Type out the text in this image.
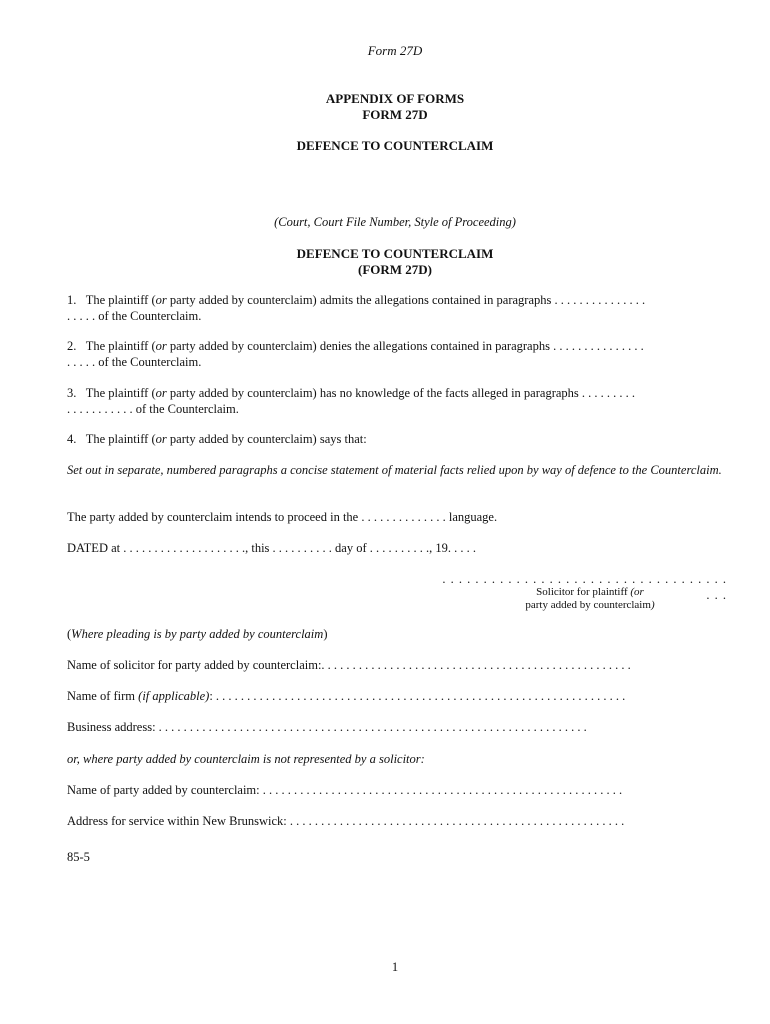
Form 27D
APPENDIX OF FORMS
FORM 27D
DEFENCE TO COUNTERCLAIM
(Court, Court File Number, Style of Proceeding)
DEFENCE TO COUNTERCLAIM
(FORM 27D)

1. The plaintiff (or party added by counterclaim) admits the allegations contained in paragraphs . . . . . . . . . . . . . . .

. . . . . of the Counterclaim.

2. The plaintiff (or party added by counterclaim) denies the allegations contained in paragraphs . . . . . . . . . . . . . . .

. . . . . of the Counterclaim.

3. The plaintiff (or party added by counterclaim) has no knowledge of the facts alleged in paragraphs . . . . . . . . .

. . . . . . . . . . . of the Counterclaim.

4. The plaintiff (or party added by counterclaim) says that:

Set out in separate, numbered paragraphs a concise statement of material facts relied upon by way of defence to the Counterclaim.
The party added by counterclaim intends to proceed in the . . . . . . . . . . . . . . language.
DATED at . . . . . . . . . . . . . . . . . . . ., this . . . . . . . . . . day of . . . . . . . . . ., 19. . . . .
. . . . . . . . . . . . . . . . . . . . . . . . . . . . . . . . . . . . . .
Solicitor for plaintiff (or
party added by counterclaim)
(Where pleading is by party added by counterclaim)
Name of solicitor for party added by counterclaim:. . . . . . . . . . . . . . . . . . . . . . . . . . . . . . . . . . . . . . . . . . . . . . . . . .
Name of firm (if applicable): . . . . . . . . . . . . . . . . . . . . . . . . . . . . . . . . . . . . . . . . . . . . . . . . . . . . . . . . . . . . . . . . . .
Business address: . . . . . . . . . . . . . . . . . . . . . . . . . . . . . . . . . . . . . . . . . . . . . . . . . . . . . . . . . . . . . . . . . . . . .
or, where party added by counterclaim is not represented by a solicitor:
Name of party added by counterclaim: . . . . . . . . . . . . . . . . . . . . . . . . . . . . . . . . . . . . . . . . . . . . . . . . . . . . . . . . . .
Address for service within New Brunswick: . . . . . . . . . . . . . . . . . . . . . . . . . . . . . . . . . . . . . . . . . . . . . . . . . . . . . .
85-5
1
